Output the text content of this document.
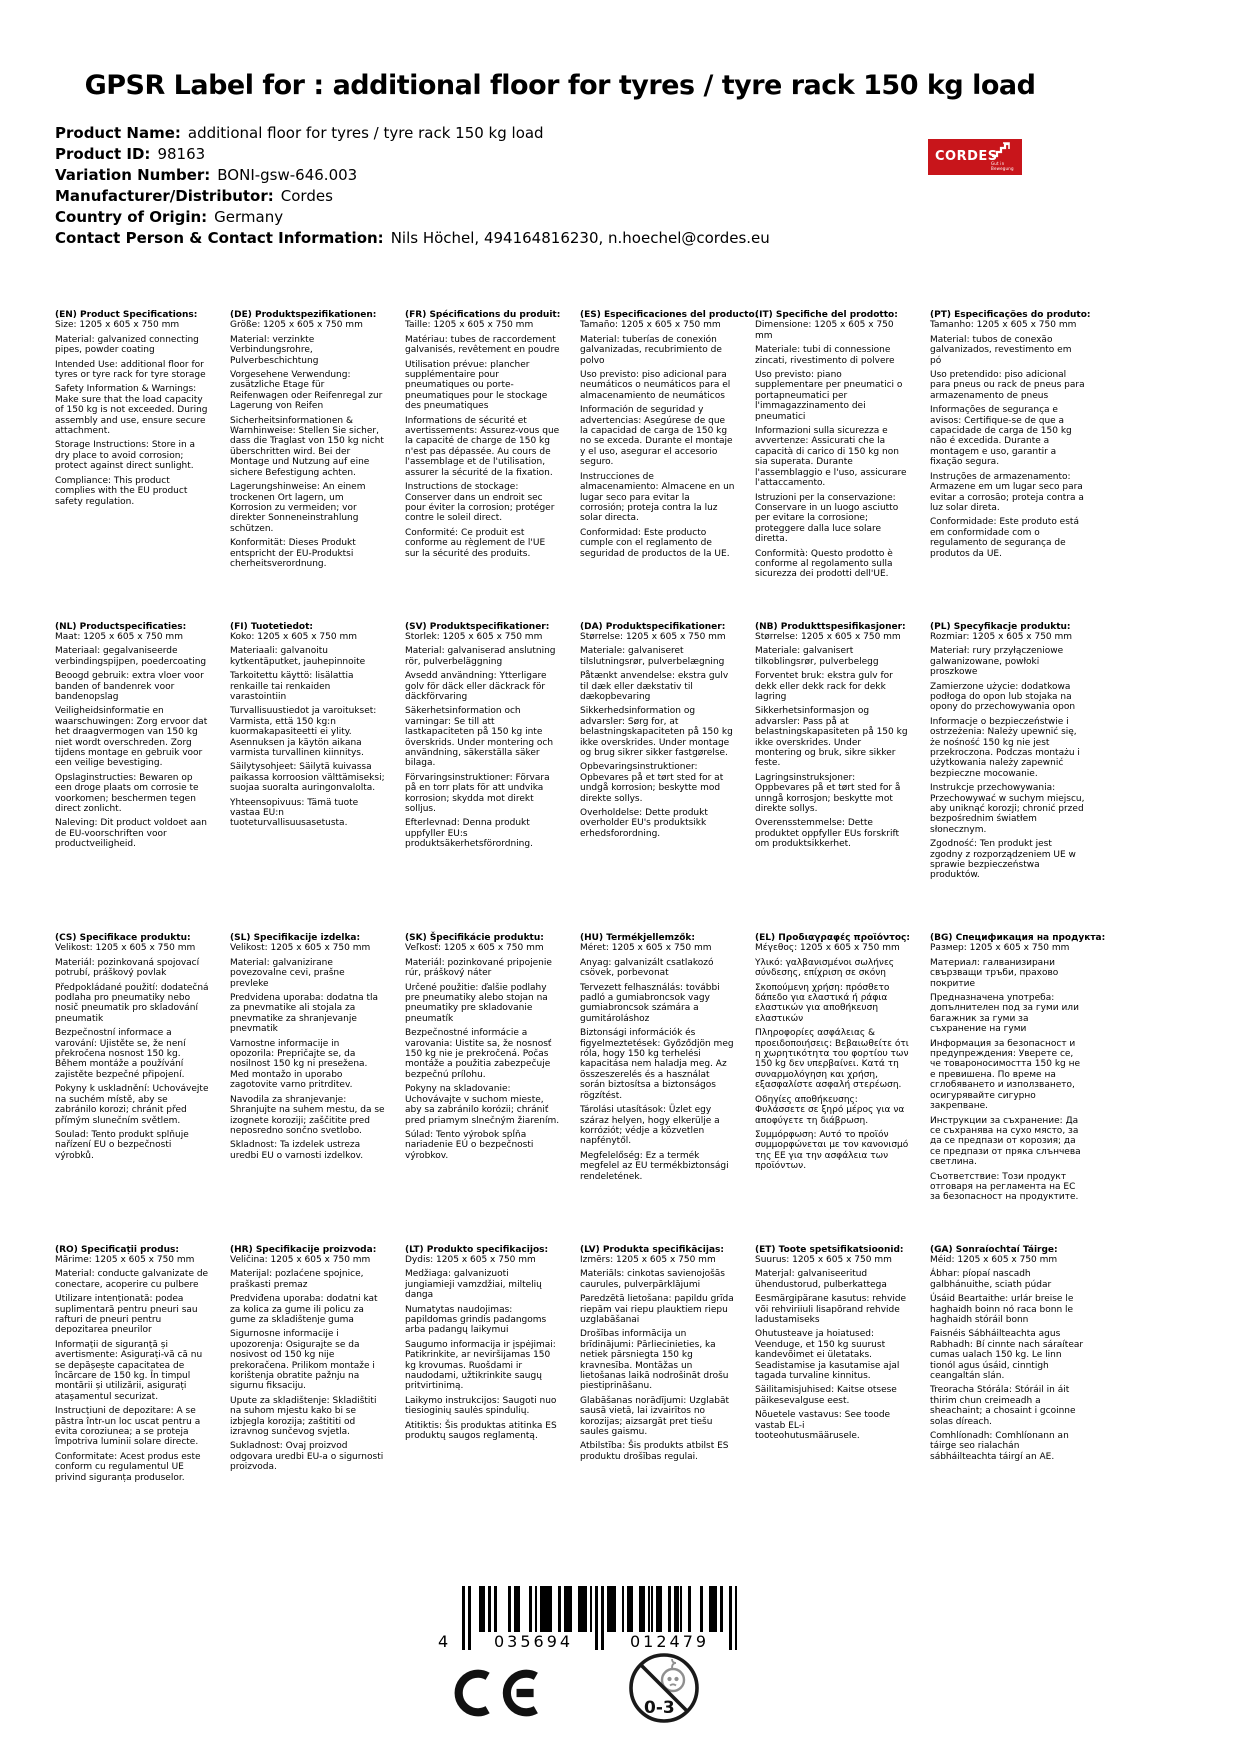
GPSR Label for : additional floor for tyres / tyre rack 150 kg load
Product Name: additional floor for tyres / tyre rack 150 kg load
Product ID: 98163
Variation Number: BONI-gsw-646.003
Manufacturer/Distributor: Cordes
Country of Origin: Germany
Contact Person & Contact Information: Nils Höchel, 494164816230, n.hoechel@cordes.eu
CORDES
Gut in Bewegung
(EN) Product Specifications:

Size: 1205 x 605 x 750 mm

Material: galvanized connecting pipes, powder coating

Intended Use: additional floor for tyres or tyre rack for tyre storage

Safety Information & Warnings: Make sure that the load capacity of 150 kg is not exceeded. During assembly and use, ensure secure attachment.

Storage Instructions: Store in a dry place to avoid corrosion; protect against direct sunlight.

Compliance: This product complies with the EU product safety regulation.

(DE) Produktspezifikationen:

Größe: 1205 x 605 x 750 mm

Material: verzinkte Verbindungsrohre, Pulverbeschichtung

Vorgesehene Verwendung: zusätzliche Etage für Reifenwagen oder Reifenregal zur Lagerung von Reifen

Sicherheitsinformationen & Warnhinweise: Stellen Sie sicher, dass die Traglast von 150 kg nicht überschritten wird. Bei der Montage und Nutzung auf eine sichere Befestigung achten.

Lagerungshinweise: An einem trockenen Ort lagern, um Korrosion zu vermeiden; vor direkter Sonneneinstrahlung schützen.

Konformität: Dieses Produkt entspricht der EU-Produktsi cherheitsverordnung.

(FR) Spécifications du produit:

Taille: 1205 x 605 x 750 mm

Matériau: tubes de raccordement galvanisés, revêtement en poudre

Utilisation prévue: plancher supplémentaire pour pneumatiques ou porte-pneumatiques pour le stockage des pneumatiques

Informations de sécurité et avertissements: Assurez-vous que la capacité de charge de 150 kg n'est pas dépassée. Au cours de l'assemblage et de l'utilisation, assurer la sécurité de la fixation.

Instructions de stockage: Conserver dans un endroit sec pour éviter la corrosion; protéger contre le soleil direct.

Conformité: Ce produit est conforme au règlement de l'UE sur la sécurité des produits.

(ES) Especificaciones del producto:

Tamaño: 1205 x 605 x 750 mm

Material: tuberías de conexión galvanizadas, recubrimiento de polvo

Uso previsto: piso adicional para neumáticos o neumáticos para el almacenamiento de neumáticos

Información de seguridad y advertencias: Asegúrese de que la capacidad de carga de 150 kg no se exceda. Durante el montaje y el uso, asegurar el accesorio seguro.

Instrucciones de almacenamiento: Almacene en un lugar seco para evitar la corrosión; proteja contra la luz solar directa.

Conformidad: Este producto cumple con el reglamento de seguridad de productos de la UE.

(IT) Specifiche del prodotto:

Dimensione: 1205 x 605 x 750 mm

Materiale: tubi di connessione zincati, rivestimento di polvere

Uso previsto: piano supplementare per pneumatici o portapneumatici per l'immagazzinamento dei pneumatici

Informazioni sulla sicurezza e avvertenze: Assicurati che la capacità di carico di 150 kg non sia superata. Durante l'assemblaggio e l'uso, assicurare l'attaccamento.

Istruzioni per la conservazione: Conservare in un luogo asciutto per evitare la corrosione; proteggere dalla luce solare diretta.

Conformità: Questo prodotto è conforme al regolamento sulla sicurezza dei prodotti dell'UE.

(PT) Especificações do produto:

Tamanho: 1205 x 605 x 750 mm

Material: tubos de conexão galvanizados, revestimento em pó

Uso pretendido: piso adicional para pneus ou rack de pneus para armazenamento de pneus

Informações de segurança e avisos: Certifique-se de que a capacidade de carga de 150 kg não é excedida. Durante a montagem e uso, garantir a fixação segura.

Instruções de armazenamento: Armazene em um lugar seco para evitar a corrosão; proteja contra a luz solar direta.

Conformidade: Este produto está em conformidade com o regulamento de segurança de produtos da UE.

(NL) Productspecificaties:

Maat: 1205 x 605 x 750 mm

Materiaal: gegalvaniseerde verbindingspijpen, poedercoating

Beoogd gebruik: extra vloer voor banden of bandenrek voor bandenopslag

Veiligheidsinformatie en waarschuwingen: Zorg ervoor dat het draagvermogen van 150 kg niet wordt overschreden. Zorg tijdens montage en gebruik voor een veilige bevestiging.

Opslaginstructies: Bewaren op een droge plaats om corrosie te voorkomen; beschermen tegen direct zonlicht.

Naleving: Dit product voldoet aan de EU-voorschriften voor productveiligheid.

(FI) Tuotetiedot:

Koko: 1205 x 605 x 750 mm

Materiaali: galvanoitu kytkentäputket, jauhepinnoite

Tarkoitettu käyttö: lisälattia renkaille tai renkaiden varastointiin

Turvallisuustiedot ja varoitukset: Varmista, että 150 kg:n kuormakapasiteetti ei ylity. Asennuksen ja käytön aikana varmista turvallinen kiinnitys.

Säilytysohjeet: Säilytä kuivassa paikassa korroosion välttämiseksi; suojaa suoralta auringonvalolta.

Yhteensopivuus: Tämä tuote vastaa EU:n tuoteturvallisuusasetusta.

(SV) Produktspecifikationer:

Storlek: 1205 x 605 x 750 mm

Material: galvaniserad anslutning rör, pulverbeläggning

Avsedd användning: Ytterligare golv för däck eller däckrack för däckförvaring

Säkerhetsinformation och varningar: Se till att lastkapaciteten på 150 kg inte överskrids. Under montering och användning, säkerställa säker bilaga.

Förvaringsinstruktioner: Förvara på en torr plats för att undvika korrosion; skydda mot direkt solljus.

Efterlevnad: Denna produkt uppfyller EU:s produktsäkerhetsförordning.

(DA) Produktspecifikationer:

Størrelse: 1205 x 605 x 750 mm

Materiale: galvaniseret tilslutningsrør, pulverbelægning

Påtænkt anvendelse: ekstra gulv til dæk eller dækstativ til dækopbevaring

Sikkerhedsinformation og advarsler: Sørg for, at belastningskapaciteten på 150 kg ikke overskrides. Under montage og brug sikrer sikker fastgørelse.

Opbevaringsinstruktioner: Opbevares på et tørt sted for at undgå korrosion; beskytte mod direkte sollys.

Overholdelse: Dette produkt overholder EU's produktsikk erhedsforordning.

(NB) Produkttspesifikasjoner:

Størrelse: 1205 x 605 x 750 mm

Materiale: galvanisert tilkoblingsrør, pulverbelegg

Forventet bruk: ekstra gulv for dekk eller dekk rack for dekk lagring

Sikkerhetsinformasjon og advarsler: Pass på at belastningskapasiteten på 150 kg ikke overskrides. Under montering og bruk, sikre sikker feste.

Lagringsinstruksjoner: Oppbevares på et tørt sted for å unngå korrosjon; beskytte mot direkte sollys.

Overensstemmelse: Dette produktet oppfyller EUs forskrift om produktsikkerhet.

(PL) Specyfikacje produktu:

Rozmiar: 1205 x 605 x 750 mm

Materiał: rury przyłączeniowe galwanizowane, powłoki proszkowe

Zamierzone użycie: dodatkowa podłoga do opon lub stojaka na opony do przechowywania opon

Informacje o bezpieczeństwie i ostrzeżenia: Należy upewnić się, że nośność 150 kg nie jest przekroczona. Podczas montażu i użytkowania należy zapewnić bezpieczne mocowanie.

Instrukcje przechowywania: Przechowywać w suchym miejscu, aby uniknąć korozji; chronić przed bezpośrednim światłem słonecznym.

Zgodność: Ten produkt jest zgodny z rozporządzeniem UE w sprawie bezpieczeństwa produktów.

(CS) Specifikace produktu:

Velikost: 1205 x 605 x 750 mm

Materiál: pozinkovaná spojovací potrubí, práškový povlak

Předpokládané použití: dodatečná podlaha pro pneumatiky nebo nosič pneumatik pro skladování pneumatik

Bezpečnostní informace a varování: Ujistěte se, že není překročena nosnost 150 kg. Během montáže a používání zajistěte bezpečné připojení.

Pokyny k uskladnění: Uchovávejte na suchém místě, aby se zabránilo korozi; chránit před přímým slunečním světlem.

Soulad: Tento produkt splňuje nařízení EU o bezpečnosti výrobků.

(SL) Specifikacije izdelka:

Velikost: 1205 x 605 x 750 mm

Material: galvanizirane povezovalne cevi, prašne prevleke

Predvidena uporaba: dodatna tla za pnevmatike ali stojala za pnevmatike za shranjevanje pnevmatik

Varnostne informacije in opozorila: Prepričajte se, da nosilnost 150 kg ni presežena. Med montažo in uporabo zagotovite varno pritrditev.

Navodila za shranjevanje: Shranjujte na suhem mestu, da se izognete koroziji; zaščitite pred neposredno sončno svetlobo.

Skladnost: Ta izdelek ustreza uredbi EU o varnosti izdelkov.

(SK) Špecifikácie produktu:

Veľkosť: 1205 x 605 x 750 mm

Materiál: pozinkované pripojenie rúr, práškový náter

Určené použitie: ďalšie podlahy pre pneumatiky alebo stojan na pneumatiky pre skladovanie pneumatík

Bezpečnostné informácie a varovania: Uistite sa, že nosnosť 150 kg nie je prekročená. Počas montáže a použitia zabezpečuje bezpečnú prílohu.

Pokyny na skladovanie: Uchovávajte v suchom mieste, aby sa zabránilo korózii; chrániť pred priamym slnečným žiarením.

Súlad: Tento výrobok spĺňa nariadenie EÚ o bezpečnosti výrobkov.

(HU) Termékjellemzők:

Méret: 1205 x 605 x 750 mm

Anyag: galvanizált csatlakozó csövek, porbevonat

Tervezett felhasználás: további padló a gumiabroncsok vagy gumiabroncsok számára a gumitároláshoz

Biztonsági információk és figyelmeztetések: Győződjön meg róla, hogy 150 kg terhelési kapacitása nem haladja meg. Az összeszerelés és a használat során biztosítsa a biztonságos rögzítést.

Tárolási utasítások: Üzlet egy száraz helyen, hogy elkerülje a korróziót; védje a közvetlen napfénytől.

Megfelelőség: Ez a termék megfelel az EU termékbiztonsági rendeletének.

(EL) Προδιαγραφές προϊόντος:

Μέγεθος: 1205 x 605 x 750 mm

Υλικό: γαλβανισμένοι σωλήνες σύνδεσης, επίχριση σε σκόνη

Σκοπούμενη χρήση: πρόσθετο δάπεδο για ελαστικά ή ράφια ελαστικών για αποθήκευση ελαστικών

Πληροφορίες ασφάλειας & προειδοποιήσεις: Βεβαιωθείτε ότι η χωρητικότητα του φορτίου των 150 kg δεν υπερβαίνει. Κατά τη συναρμολόγηση και χρήση, εξασφαλίστε ασφαλή στερέωση.

Οδηγίες αποθήκευσης: Φυλάσσετε σε ξηρό μέρος για να αποφύγετε τη διάβρωση.

Συμμόρφωση: Αυτό το προϊόν συμμορφώνεται με τον κανονισμό της ΕΕ για την ασφάλεια των προϊόντων.

(BG) Спецификация на продукта:

Размер: 1205 x 605 x 750 mm

Материал: галванизирани свързващи тръби, прахово покритие

Предназначена употреба: допълнителен под за гуми или багажник за гуми за съхранение на гуми

Информация за безопасност и предупреждения: Уверете се, че товароносимостта 150 kg не е превишена. По време на сглобяването и използването, осигурявайте сигурно закрепване.

Инструкции за съхранение: Да се съхранява на сухо място, за да се предпази от корозия; да се предпази от пряка слънчева светлина.

Съответствие: Този продукт отговаря на регламента на ЕС за безопасност на продуктите.

(RO) Specificații produs:

Mărime: 1205 x 605 x 750 mm

Material: conducte galvanizate de conectare, acoperire cu pulbere

Utilizare intenționată: podea suplimentară pentru pneuri sau rafturi de pneuri pentru depozitarea pneurilor

Informații de siguranță și avertismente: Asigurați-vă că nu se depășește capacitatea de încărcare de 150 kg. În timpul montării și utilizării, asigurați atașamentul securizat.

Instrucțiuni de depozitare: A se păstra într-un loc uscat pentru a evita coroziunea; a se proteja împotriva luminii solare directe.

Conformitate: Acest produs este conform cu regulamentul UE privind siguranța produselor.

(HR) Specifikacije proizvoda:

Veličina: 1205 x 605 x 750 mm

Materijal: pozlaćene spojnice, praškasti premaz

Predviđena uporaba: dodatni kat za kolica za gume ili policu za gume za skladištenje guma

Sigurnosne informacije i upozorenja: Osigurajte se da nosivost od 150 kg nije prekoračena. Prilikom montaže i korištenja obratite pažnju na sigurnu fiksaciju.

Upute za skladištenje: Skladištiti na suhom mjestu kako bi se izbjegla korozija; zaštititi od izravnog sunčevog svjetla.

Sukladnost: Ovaj proizvod odgovara uredbi EU-a o sigurnosti proizvoda.

(LT) Produkto specifikacijos:

Dydis: 1205 x 605 x 750 mm

Medžiaga: galvanizuoti jungiamieji vamzdžiai, miltelių danga

Numatytas naudojimas: papildomas grindis padangoms arba padangų laikymui

Saugumo informacija ir įspėjimai: Patikrinkite, ar neviršijamas 150 kg krovumas. Ruošdami ir naudodami, užtikrinkite saugų pritvirtinimą.

Laikymo instrukcijos: Saugoti nuo tiesioginių saulės spindulių.

Atitiktis: Šis produktas atitinka ES produktų saugos reglamentą.

(LV) Produkta specifikācijas:

Izmērs: 1205 x 605 x 750 mm

Materiāls: cinkotas savienojošās caurules, pulverpārklājumi

Paredzētā lietošana: papildu grīda riepām vai riepu plauktiem riepu uzglabāšanai

Drošības informācija un brīdinājumi: Pārliecinieties, ka netiek pārsniegta 150 kg kravnesība. Montāžas un lietošanas laikā nodrošināt drošu piestiprināšanu.

Glabāšanas norādījumi: Uzglabāt sausā vietā, lai izvairītos no korozijas; aizsargāt pret tiešu saules gaismu.

Atbilstība: Šis produkts atbilst ES produktu drošības regulai.

(ET) Toote spetsifikatsioonid:

Suurus: 1205 x 605 x 750 mm

Materjal: galvaniseeritud ühendustorud, pulberkattega

Eesmärgipärane kasutus: rehvide või rehviriiuli lisapõrand rehvide ladustamiseks

Ohutusteave ja hoiatused: Veenduge, et 150 kg suurust kandevõimet ei ületataks. Seadistamise ja kasutamise ajal tagada turvaline kinnitus.

Säilitamisjuhised: Kaitse otsese päikesevalguse eest.

Nõuetele vastavus: See toode vastab EL-i tooteohutusmäärusele.

(GA) Sonraíochtaí Táirge:

Méid: 1205 x 605 x 750 mm

Ábhar: píopaí nascadh galbhánuithe, sciath púdar

Úsáid Beartaithe: urlár breise le haghaidh boinn nó raca bonn le haghaidh stóráil bonn

Faisnéis Sábháilteachta agus Rabhadh: Bí cinnte nach sáraítear cumas ualach 150 kg. Le linn tionól agus úsáid, cinntigh ceangaltán slán.

Treoracha Stórála: Stóráil in áit thirim chun creimeadh a sheachaint; a chosaint i gcoinne solas díreach.

Comhlíonadh: Comhlíonann an táirge seo rialachán sábháilteachta táirgí an AE.

4	035694	012479
0-3
